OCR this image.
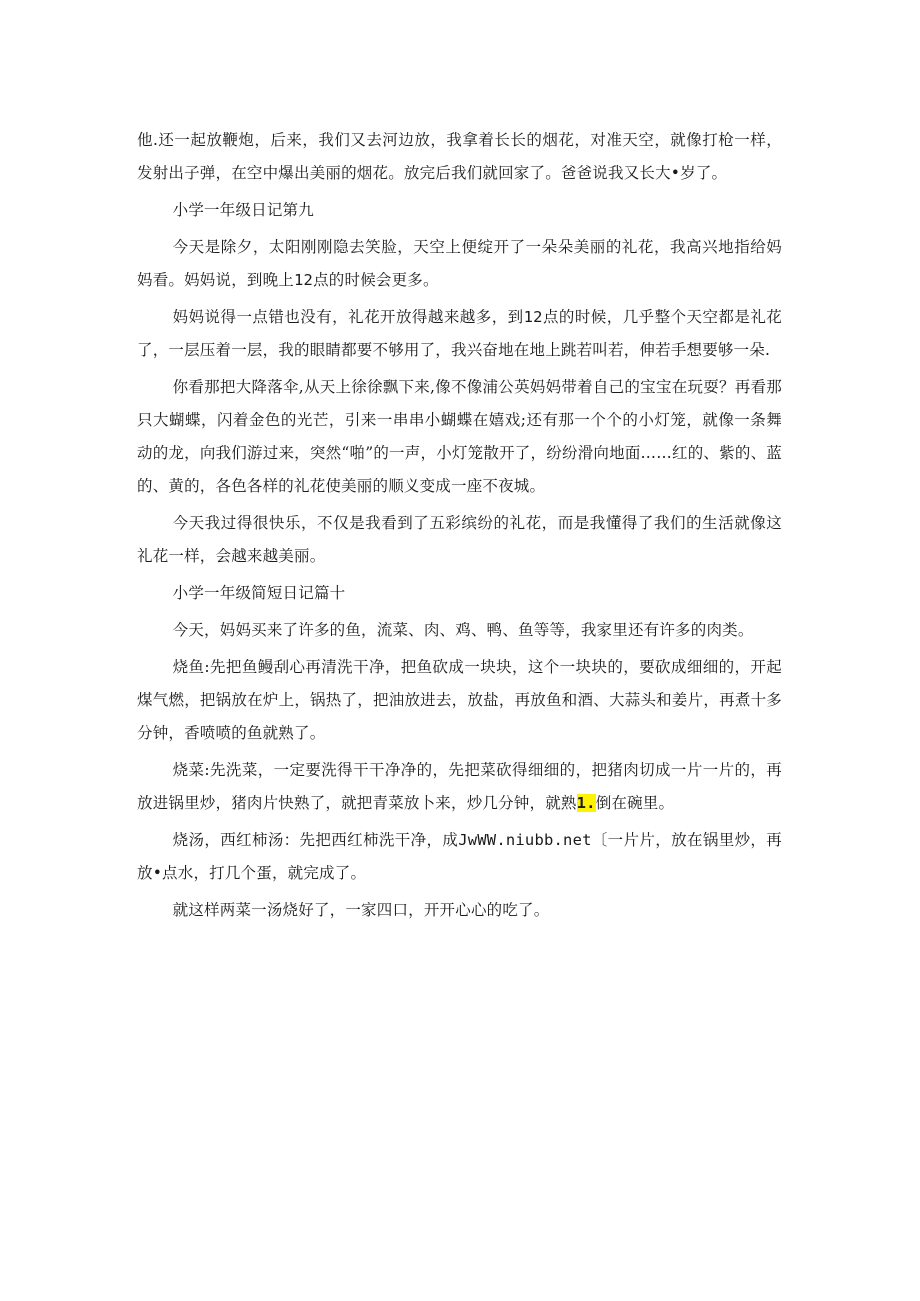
他.还一起放鞭炮，后来，我们又去河边放，我拿着长长的烟花，对准天空，就像打枪一样，发射出子弹，在空中爆出美丽的烟花。放完后我们就回家了。爸爸说我又长大•岁了。

小学一年级日记第九

今天是除夕，太阳刚刚隐去笑脸，天空上便绽开了一朵朵美丽的礼花，我高兴地指给妈妈看。妈妈说，到晚上12点的时候会更多。

妈妈说得一点错也没有，礼花开放得越来越多，到12点的时候，几乎整个天空都是礼花了，一层压着一层，我的眼睛都要不够用了，我兴奋地在地上跳若叫若，伸若手想要够一朵.

你看那把大降落伞,从天上徐徐飘下来,像不像浦公英妈妈带着自己的宝宝在玩耍？再看那只大蝴蝶，闪着金色的光芒，引来一串串小蝴蝶在嬉戏;还有那一个个的小灯笼，就像一条舞动的龙，向我们游过来，突然“啪”的一声，小灯笼散开了，纷纷滑向地面……红的、紫的、蓝的、黄的，各色各样的礼花使美丽的顺义变成一座不夜城。

今天我过得很快乐，不仅是我看到了五彩缤纷的礼花，而是我懂得了我们的生活就像这礼花一样，会越来越美丽。

小学一年级简短日记篇十

今天，妈妈买来了许多的鱼，流菜、肉、鸡、鸭、鱼等等，我家里还有许多的肉类。

烧鱼:先把鱼鳗刮心再清洗干净，把鱼砍成一块块，这个一块块的，要砍成细细的，开起煤气燃，把锅放在炉上，锅热了，把油放进去，放盐，再放鱼和酒、大蒜头和姜片，再煮十多分钟，香喷喷的鱼就熟了。

烧菜:先洗菜，一定要洗得干干净净的，先把菜砍得细细的，把猪肉切成一片一片的，再放进锅里炒，猪肉片快熟了，就把青菜放卜来，炒几分钟，就熟1.倒在碗里。

烧汤，西红柿汤：先把西红柿洗干净，成JwWW.niubb.net〔一片片，放在锅里炒，再放•点水，打几个蛋，就完成了。

就这样两菜一汤烧好了，一家四口，开开心心的吃了。
